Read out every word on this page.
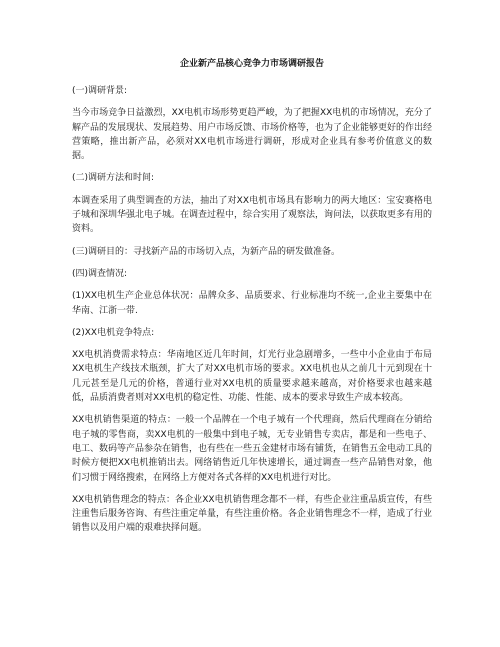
企业新产品核心竞争力市场调研报告
(一)调研背景:
当今市场竞争日益激烈，XX电机市场形势更趋严峻，为了把握XX电机的市场情况，充分了解产品的发展现状、发展趋势、用户市场反馈、市场价格等，也为了企业能够更好的作出经营策略，推出新产品，必须对XX电机市场进行调研，形成对企业具有参考价值意义的数据。
(二)调研方法和时间:
本调查采用了典型调查的方法，抽出了对XX电机市场具有影响力的两大地区：宝安赛格电子城和深圳华强北电子城。在调查过程中，综合实用了观察法，询问法，以获取更多有用的资料。
(三)调研目的：寻找新产品的市场切入点，为新产品的研发做准备。
(四)调查情况:
(1)XX电机生产企业总体状况：品牌众多、品质要求、行业标准均不统一,企业主要集中在华南、江浙一带.
(2)XX电机竞争特点:
XX电机消费需求特点：华南地区近几年时间，灯光行业急剧增多，一些中小企业由于布局XX电机生产线技术瓶颈，扩大了对XX电机市场的要求。XX电机也从之前几十元到现在十几元甚至是几元的价格，普通行业对XX电机的质量要求越来越高，对价格要求也越来越低，品质消费者则对XX电机的稳定性、功能、性能、成本的要求导致生产成本较高。
XX电机销售渠道的特点：一般一个品牌在一个电子城有一个代理商，然后代理商在分销给电子城的零售商，卖XX电机的一般集中到电子城，无专业销售专卖店，都是和一些电子、电工、数码等产品参杂在销售，也有些在一些五金建材市场有铺货，在销售五金电动工具的时候方便把XX电机推销出去。网络销售近几年快速增长，通过调查一些产品销售对象，他们习惯于网络搜索，在网络上方便对各式各样的XX电机进行对比。
XX电机销售理念的特点：各企业XX电机销售理念都不一样，有些企业注重品质宣传，有些注重售后服务咨询、有些注重定单量，有些注重价格。各企业销售理念不一样，造成了行业销售以及用户端的艰难抉择问题。
